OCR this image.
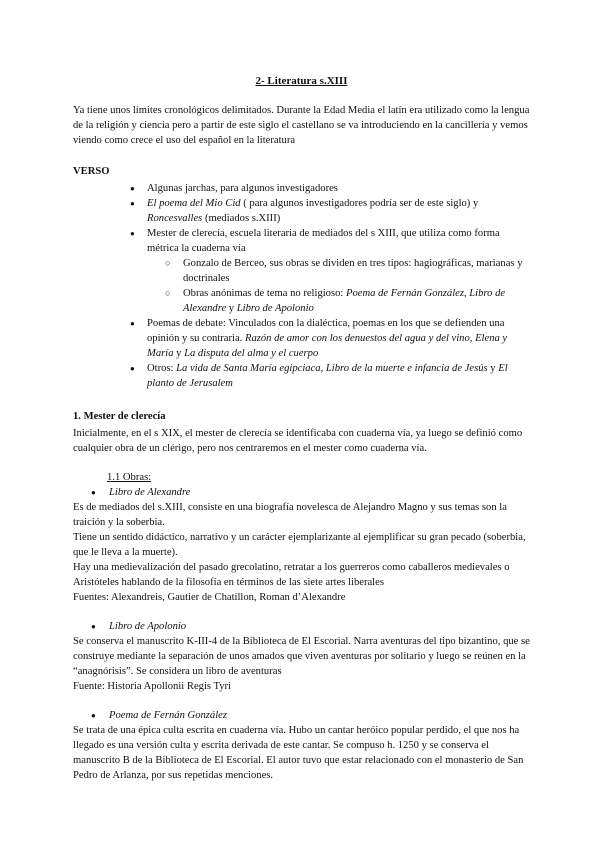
2- Literatura s.XIII

Ya tiene unos límites cronológicos delimitados. Durante la Edad Media el latín era utilizado como la lengua de la religión y ciencia pero a partir de este siglo el castellano se va introduciendo en la cancillería y vemos viendo como crece el uso del español en la literatura

VERSO

● Algunas jarchas, para algunos investigadores
● El poema del Mio Cid ( para algunos investigadores podría ser de este siglo) y Roncesvalles (mediados s.XIII)
● Mester de clerecía, escuela literaria de mediados del s XIII, que utiliza como forma métrica la cuaderna vía
○ Gonzalo de Berceo, sus obras se dividen en tres tipos: hagiográficas, marianas y doctrinales
○ Obras anónimas de tema no religioso: Poema de Fernán González, Libro de Alexandre y Libro de Apolonio
● Poemas de debate: Vinculados con la dialéctica, poemas en los que se defienden una opinión y su contraria. Razón de amor con los denuestos del agua y del vino, Elena y María y La disputa del alma y el cuerpo
● Otros: La vida de Santa María egipciaca, Libro de la muerte e infancia de Jesús y El planto de Jerusalem

1. Mester de clerecía

Inicialmente, en el s XIX, el mester de clerecía se identificaba con cuaderna vía, ya luego se definió como cualquier obra de un clérigo, pero nos centraremos en el mester como cuaderna vía.

1.1 Obras:

● Libro de Alexandre

Es de mediados del s.XIII, consiste en una biografía novelesca de Alejandro Magno y sus temas son la traición y la soberbia.

Tiene un sentido didáctico, narrativo y un carácter ejemplarizante al ejemplificar su gran pecado (soberbia, que le lleva a la muerte).

Hay una medievalización del pasado grecolatino, retratar a los guerreros como caballeros medievales o Aristóteles hablando de la filosofía en términos de las siete artes liberales

Fuentes: Alexandreis, Gautier de Chatillon, Roman d’Alexandre

● Libro de Apolonio

Se conserva el manuscrito K-III-4 de la Biblioteca de El Escorial. Narra aventuras del tipo bizantino, que se construye mediante la separación de unos amados que viven aventuras por solitario y luego se reúnen en la “anagnórisis”. Se considera un libro de aventuras

Fuente: Historia Apollonii Regis Tyri

● Poema de Fernán González

Se trata de una épica culta escrita en cuaderna vía. Hubo un cantar heróico popular perdido, el que nos ha llegado es una versión culta y escrita derivada de este cantar. Se compuso h. 1250 y se conserva el manuscrito B de la Biblioteca de El Escorial. El autor tuvo que estar relacionado con el monasterio de San Pedro de Arlanza, por sus repetidas menciones.
